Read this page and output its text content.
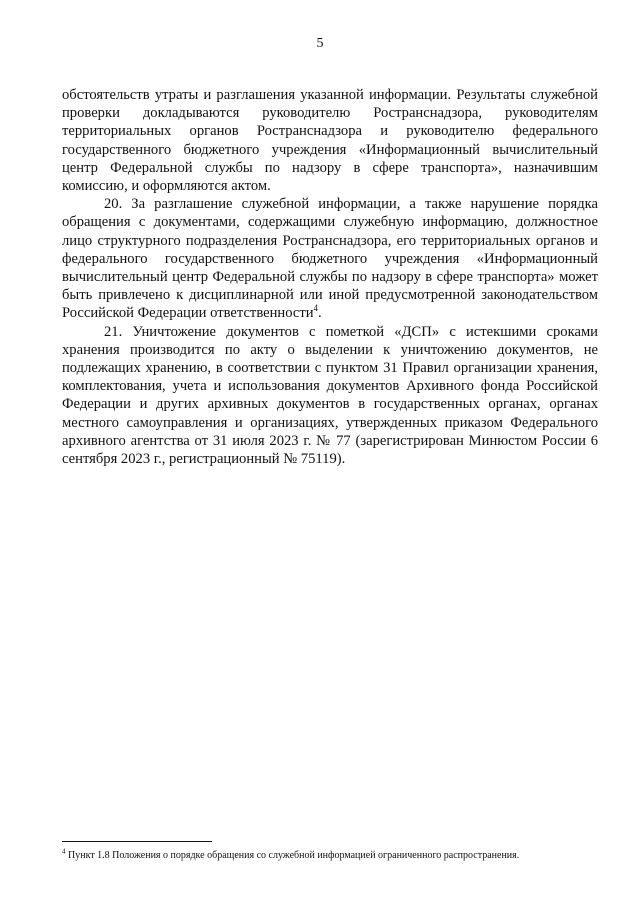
5

обстоятельств утраты и разглашения указанной информации. Результаты служебной проверки докладываются руководителю Ространснадзора, руководителям территориальных органов Ространснадзора и руководителю федерального государственного бюджетного учреждения «Информационный вычислительный центр Федеральной службы по надзору в сфере транспорта», назначившим комиссию, и оформляются актом.

20. За разглашение служебной информации, а также нарушение порядка обращения с документами, содержащими служебную информацию, должностное лицо структурного подразделения Ространснадзора, его территориальных органов и федерального государственного бюджетного учреждения «Информационный вычислительный центр Федеральной службы по надзору в сфере транспорта» может быть привлечено к дисциплинарной или иной предусмотренной законодательством Российской Федерации ответственности$^4$.

21. Уничтожение документов с пометкой «ДСП» с истекшими сроками хранения производится по акту о выделении к уничтожению документов, не подлежащих хранению, в соответствии с пунктом 31 Правил организации хранения, комплектования, учета и использования документов Архивного фонда Российской Федерации и других архивных документов в государственных органах, органах местного самоуправления и организациях, утвержденных приказом Федерального архивного агентства от 31 июля 2023 г. № 77 (зарегистрирован Минюстом России 6 сентября 2023 г., регистрационный № 75119).

$^4$ Пункт 1.8 Положения о порядке обращения со служебной информацией ограниченного распространения.
